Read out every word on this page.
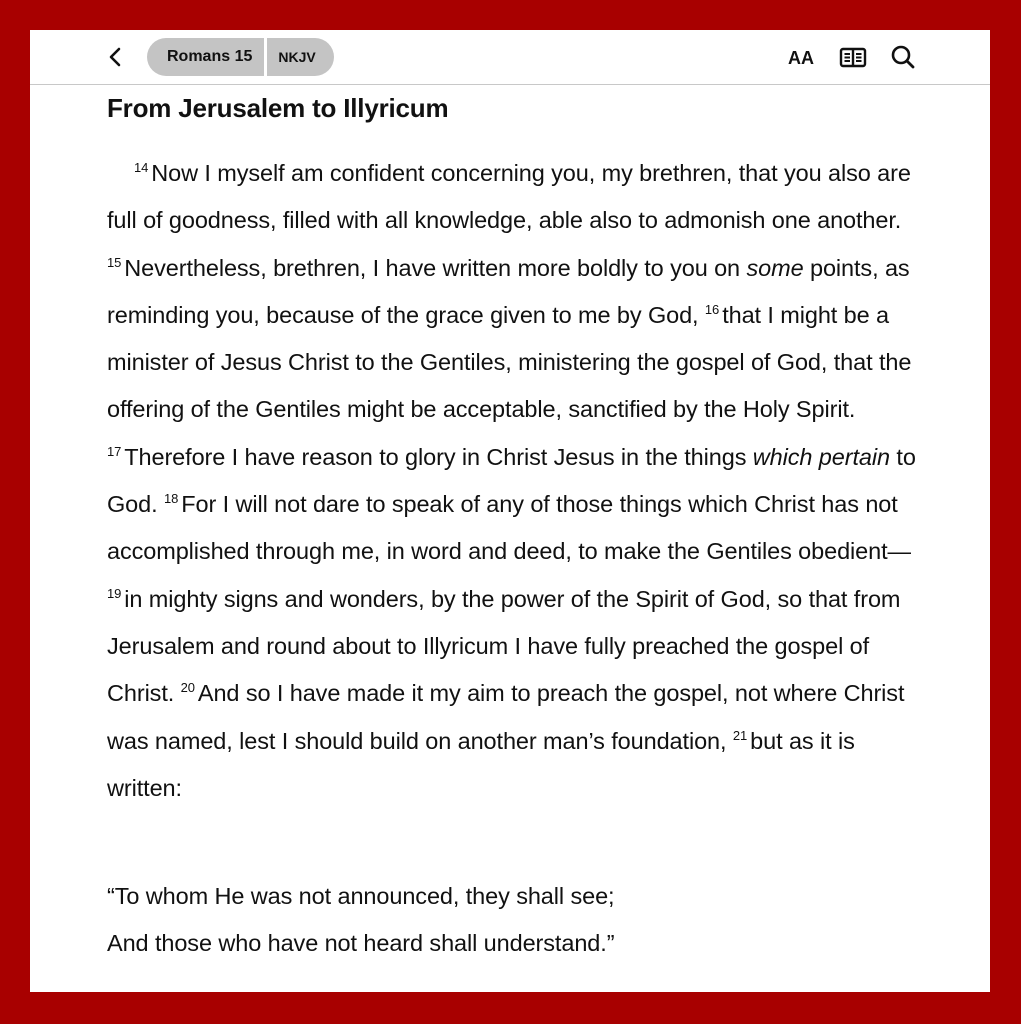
Romans 15	NKJV	AA
From Jerusalem to Illyricum

$^{14}$ Now I myself am confident concerning you, my brethren, that you also are full of goodness, filled with all knowledge, able also to admonish one another. $^{15}$ Nevertheless, brethren, I have written more boldly to you on some points, as reminding you, because of the grace given to me by God, $^{16}$ that I might be a minister of Jesus Christ to the Gentiles, ministering the gospel of God, that the offering of the Gentiles might be acceptable, sanctified by the Holy Spirit. $^{17}$ Therefore I have reason to glory in Christ Jesus in the things which pertain to God. $^{18}$ For I will not dare to speak of any of those things which Christ has not accomplished through me, in word and deed, to make the Gentiles obedient— $^{19}$ in mighty signs and wonders, by the power of the Spirit of God, so that from Jerusalem and round about to Illyricum I have fully preached the gospel of Christ. $^{20}$ And so I have made it my aim to preach the gospel, not where Christ was named, lest I should build on another man’s foundation, $^{21}$ but as it is written:

“To whom He was not announced, they shall see;
And those who have not heard shall understand.”
